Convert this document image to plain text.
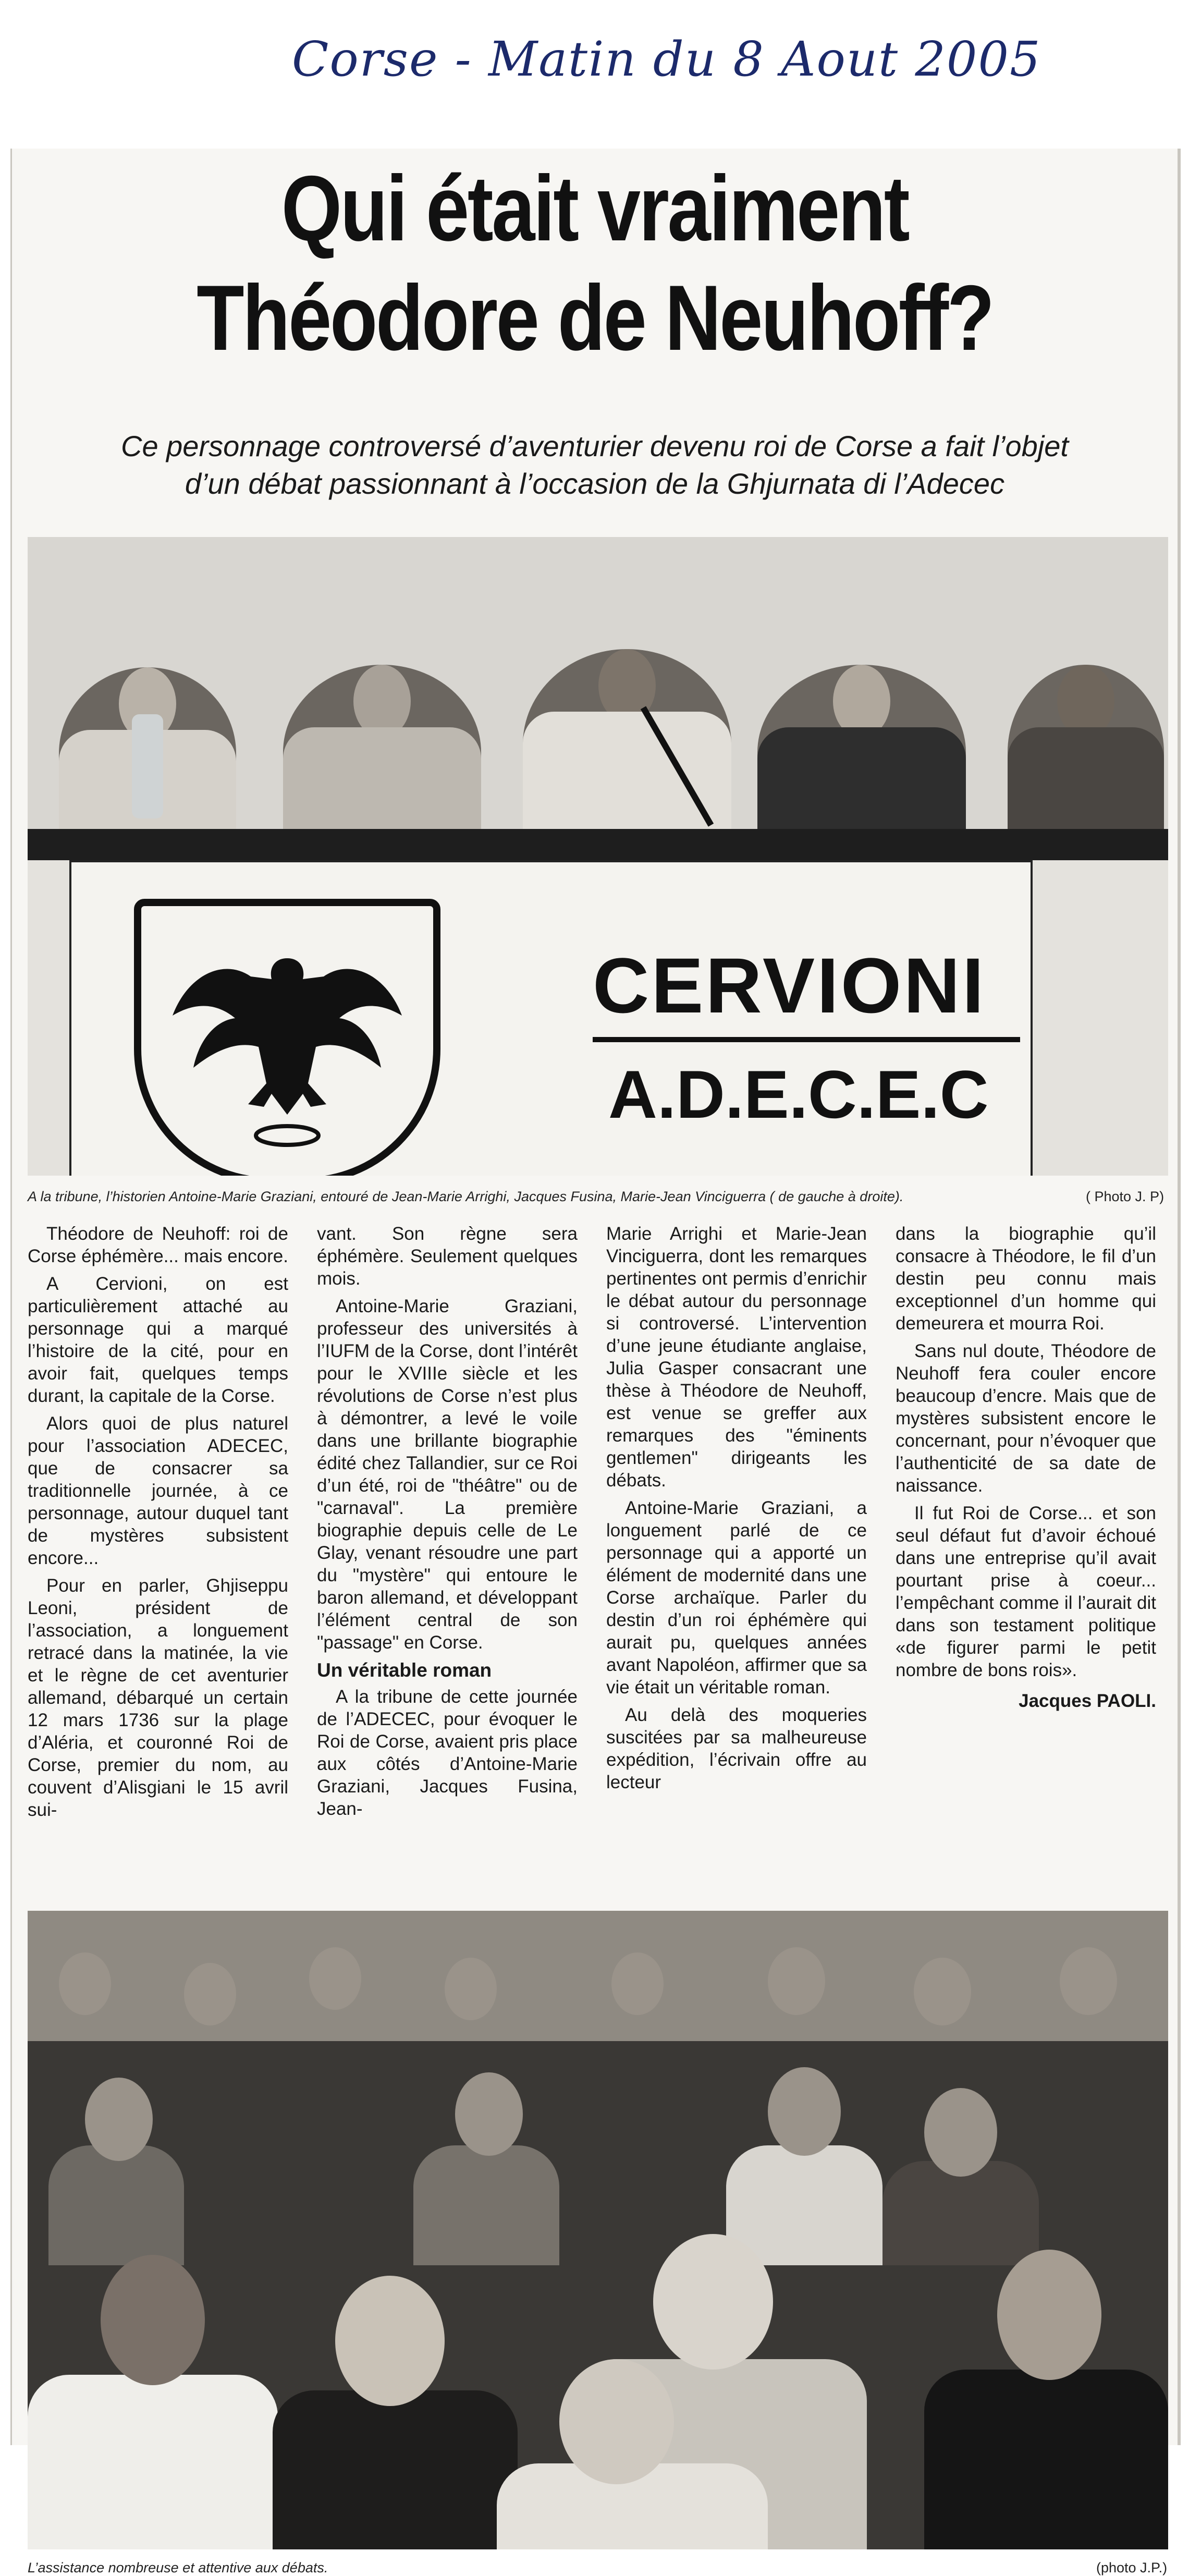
Corse - Matin du 8 Aout 2005

Qui était vraiment
Théodore de Neuhoff?
Ce personnage controversé d’aventurier devenu roi de Corse a fait l’objet
d’un débat passionnant à l’occasion de la Ghjurnata di l’Adecec
CERVIONI
A.D.E.C.E.C
A la tribune, l’historien Antoine-Marie Graziani, entouré de Jean-Marie Arrighi, Jacques Fusina, Marie-Jean Vinciguerra ( de gauche à droite).	( Photo J. P)

Théodore de Neuhoff: roi de Corse éphémère... mais encore.

A Cervioni, on est particulièrement attaché au personnage qui a marqué l’histoire de la cité, pour en avoir fait, quelques temps durant, la capitale de la Corse.

Alors quoi de plus naturel pour l’association ADECEC, que de consacrer sa traditionnelle journée, à ce personnage, autour duquel tant de mystères subsistent encore...

Pour en parler, Ghjiseppu Leoni, président de l’association, a longuement retracé dans la matinée, la vie et le règne de cet aventurier allemand, débarqué un certain 12 mars 1736 sur la plage d’Aléria, et couronné Roi de Corse, premier du nom, au couvent d’Alisgiani le 15 avril sui-

vant. Son règne sera éphémère. Seulement quelques mois.

Antoine-Marie Graziani, professeur des universités à l’IUFM de la Corse, dont l’intérêt pour le XVIIIe siècle et les révolutions de Corse n’est plus à démontrer, a levé le voile dans une brillante biographie édité chez Tallandier, sur ce Roi d’un été, roi de "théâtre" ou de "carnaval". La première biographie depuis celle de Le Glay, venant résoudre une part du "mystère" qui entoure le baron allemand, et développant l’élément central de son "passage" en Corse.

Un véritable roman

A la tribune de cette journée de l’ADECEC, pour évoquer le Roi de Corse, avaient pris place aux côtés d’Antoine-Marie Graziani, Jacques Fusina, Jean-

Marie Arrighi et Marie-Jean Vinciguerra, dont les remarques pertinentes ont permis d’enrichir le débat autour du personnage si controversé. L’intervention d’une jeune étudiante anglaise, Julia Gasper consacrant une thèse à Théodore de Neuhoff, est venue se greffer aux remarques des "éminents gentlemen" dirigeants les débats.

Antoine-Marie Graziani, a longuement parlé de ce personnage qui a apporté un élément de modernité dans une Corse archaïque. Parler du destin d’un roi éphémère qui aurait pu, quelques années avant Napoléon, affirmer que sa vie était un véritable roman.

Au delà des moqueries suscitées par sa malheureuse expédition, l’écrivain offre au lecteur

dans la biographie qu’il consacre à Théodore, le fil d’un destin peu connu mais exceptionnel d’un homme qui demeurera et mourra Roi.

Sans nul doute, Théodore de Neuhoff fera couler encore beaucoup d’encre. Mais que de mystères subsistent encore le concernant, pour n’évoquer que l’authenticité de sa date de naissance.

Il fut Roi de Corse... et son seul défaut fut d’avoir échoué dans une entreprise qu’il avait pourtant prise à coeur... l’empêchant comme il l’aurait dit dans son testament politique «de figurer parmi le petit nombre de bons rois».

Jacques PAOLI.

L’assistance nombreuse et attentive aux débats.	(photo J.P.)
